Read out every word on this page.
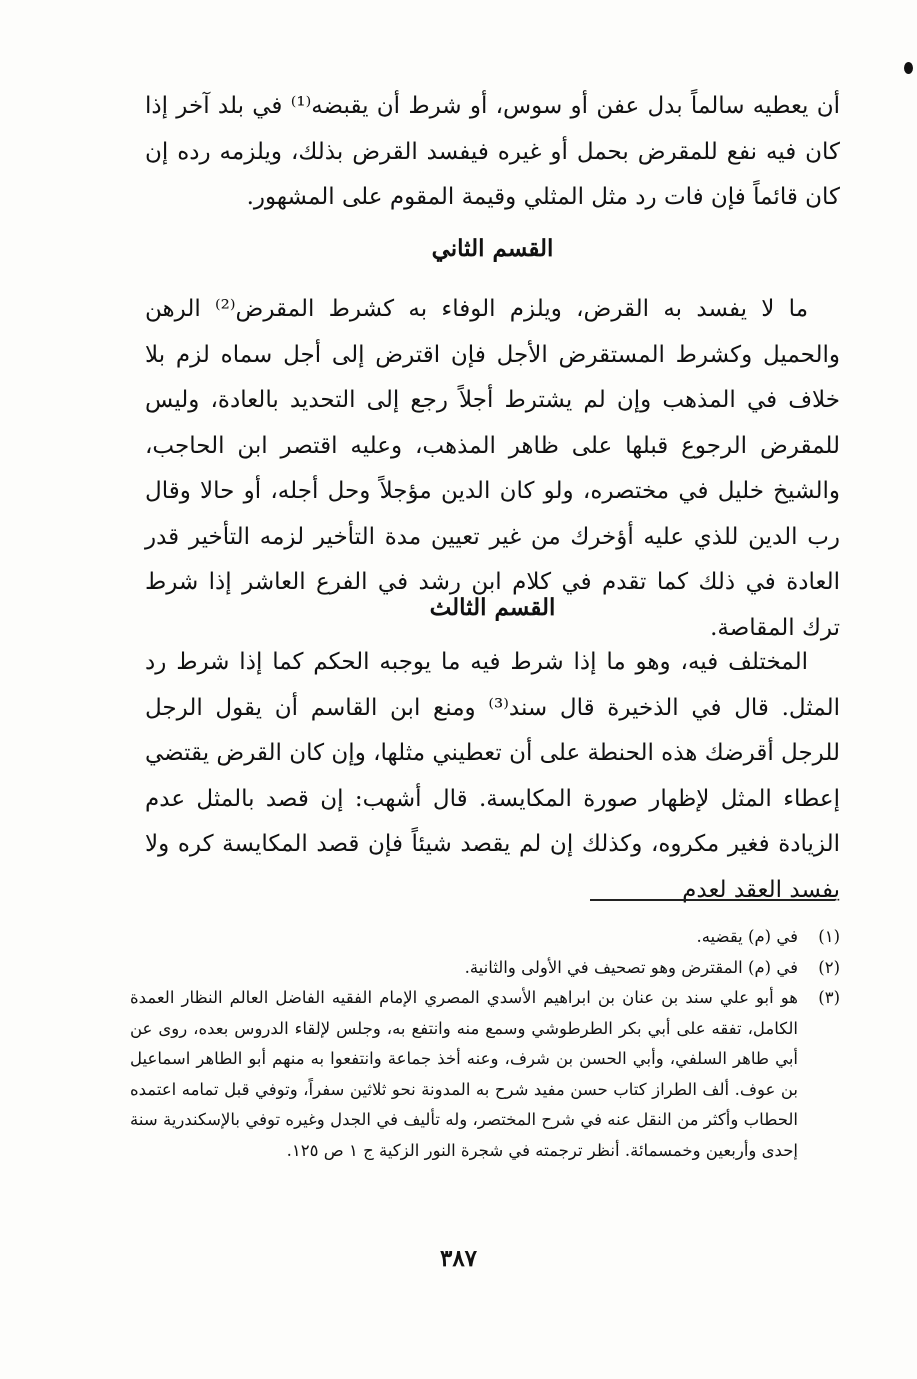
أن يعطيه سالماً بدل عفن أو سوس، أو شرط أن يقبضه⁽¹⁾ في بلد آخر إذا كان فيه نفع للمقرض بحمل أو غيره فيفسد القرض بذلك، ويلزمه رده إن كان قائماً فإن فات رد مثل المثلي وقيمة المقوم على المشهور.
القسم الثاني
ما لا يفسد به القرض، ويلزم الوفاء به كشرط المقرض⁽²⁾ الرهن والحميل وكشرط المستقرض الأجل فإن اقترض إلى أجل سماه لزم بلا خلاف في المذهب وإن لم يشترط أجلاً رجع إلى التحديد بالعادة، وليس للمقرض الرجوع قبلها على ظاهر المذهب، وعليه اقتصر ابن الحاجب، والشيخ خليل في مختصره، ولو كان الدين مؤجلاً وحل أجله، أو حالا وقال رب الدين للذي عليه أؤخرك من غير تعيين مدة التأخير لزمه التأخير قدر العادة في ذلك كما تقدم في كلام ابن رشد في الفرع العاشر إذا شرط ترك المقاصة.
القسم الثالث
المختلف فيه، وهو ما إذا شرط فيه ما يوجبه الحكم كما إذا شرط رد المثل. قال في الذخيرة قال سند⁽³⁾ ومنع ابن القاسم أن يقول الرجل للرجل أقرضك هذه الحنطة على أن تعطيني مثلها، وإن كان القرض يقتضي إعطاء المثل لإظهار صورة المكايسة. قال أشهب: إن قصد بالمثل عدم الزيادة فغير مكروه، وكذلك إن لم يقصد شيئاً فإن قصد المكايسة كره ولا يفسد العقد لعدم
(١)
في (م) يقضيه.
(٢)
في (م) المقترض وهو تصحيف في الأولى والثانية.
(٣)
هو أبو علي سند بن عنان بن ابراهيم الأسدي المصري الإمام الفقيه الفاضل العالم النظار العمدة الكامل، تفقه على أبي بكر الطرطوشي وسمع منه وانتفع به، وجلس لإلقاء الدروس بعده، روى عن أبي طاهر السلفي، وأبي الحسن بن شرف، وعنه أخذ جماعة وانتفعوا به منهم أبو الطاهر اسماعيل بن عوف. ألف الطراز كتاب حسن مفيد شرح به المدونة نحو ثلاثين سفراً، وتوفي قبل تمامه اعتمده الحطاب وأكثر من النقل عنه في شرح المختصر، وله تأليف في الجدل وغيره توفي بالإسكندرية سنة إحدى وأربعين وخمسمائة. أنظر ترجمته في شجرة النور الزكية ج ١ ص ١٢٥.
٣٨٧
